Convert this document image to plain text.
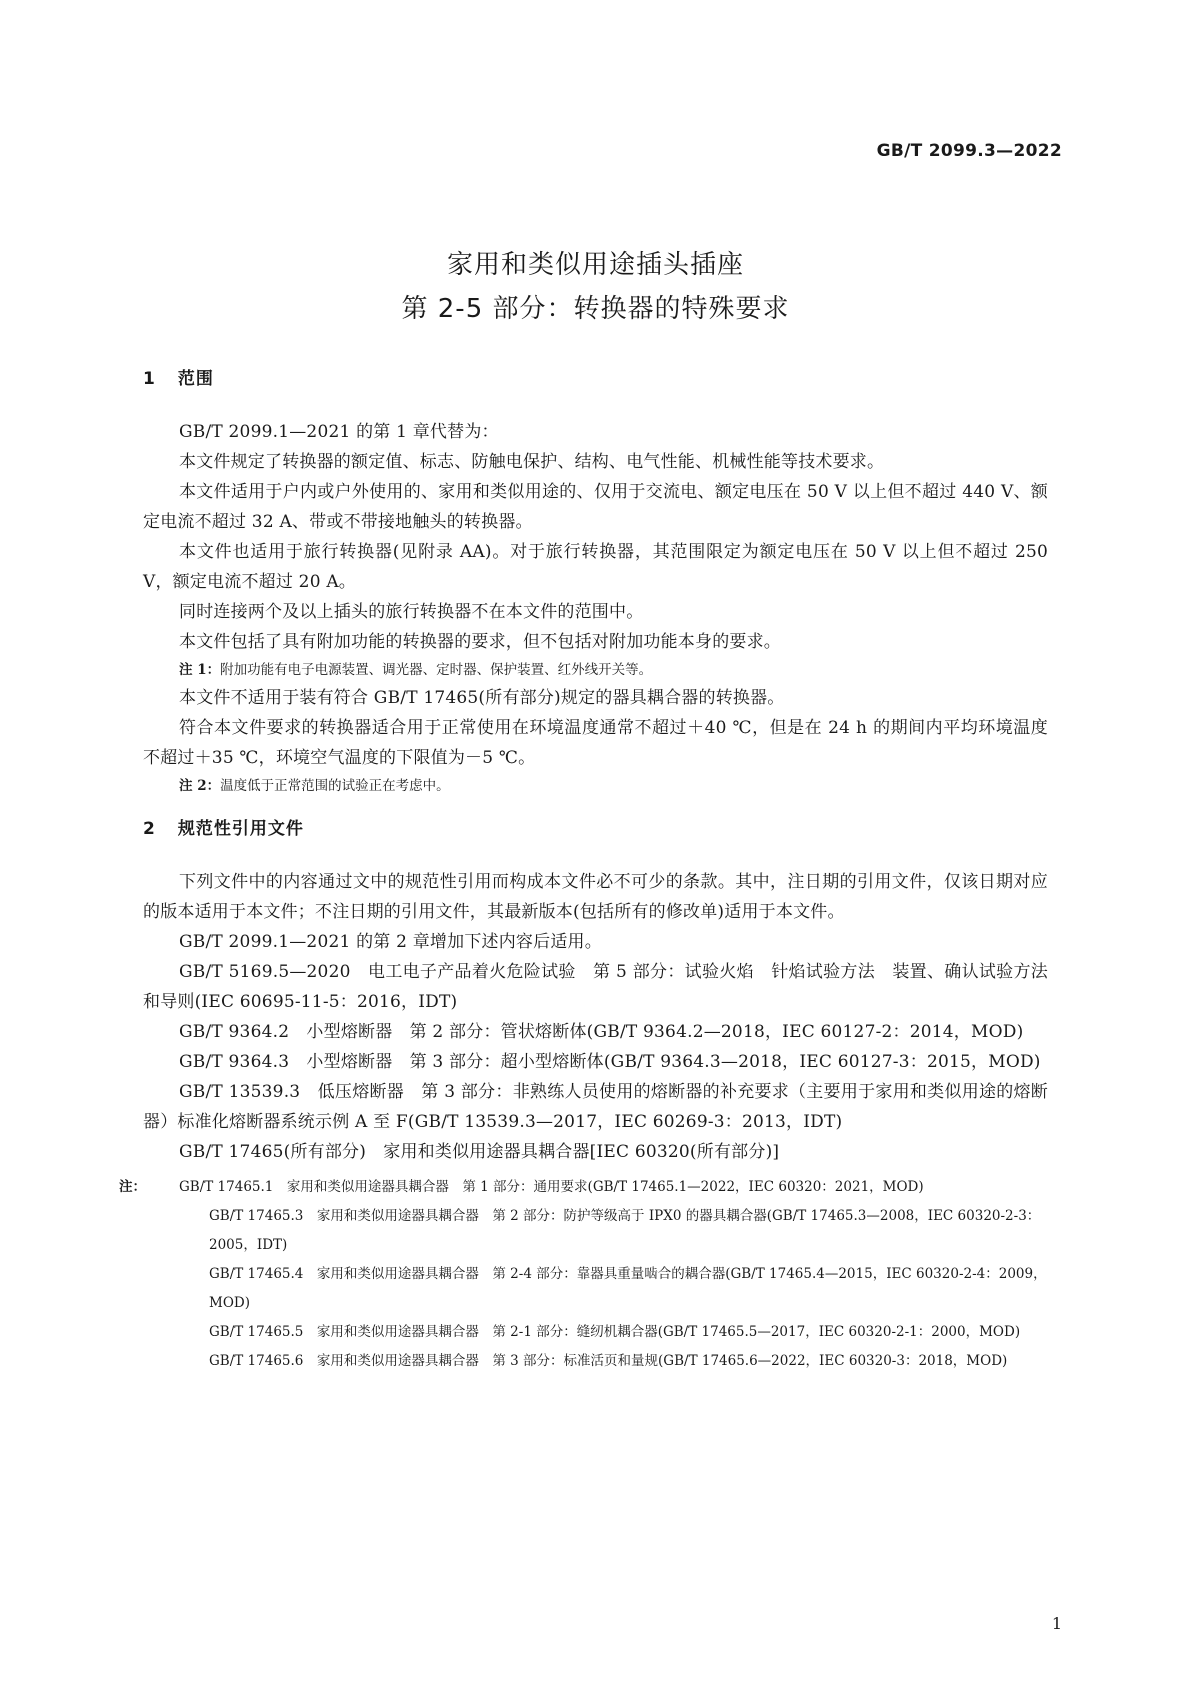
GB/T 2099.3—2022
家用和类似用途插头插座
第 2-5 部分：转换器的特殊要求
1 范围

GB/T 2099.1—2021 的第 1 章代替为：

本文件规定了转换器的额定值、标志、防触电保护、结构、电气性能、机械性能等技术要求。

本文件适用于户内或户外使用的、家用和类似用途的、仅用于交流电、额定电压在 50 V 以上但不超过 440 V、额定电流不超过 32 A、带或不带接地触头的转换器。

本文件也适用于旅行转换器(见附录 AA)。对于旅行转换器，其范围限定为额定电压在 50 V 以上但不超过 250 V，额定电流不超过 20 A。

同时连接两个及以上插头的旅行转换器不在本文件的范围中。

本文件包括了具有附加功能的转换器的要求，但不包括对附加功能本身的要求。

注 1：附加功能有电子电源装置、调光器、定时器、保护装置、红外线开关等。

本文件不适用于装有符合 GB/T 17465(所有部分)规定的器具耦合器的转换器。

符合本文件要求的转换器适合用于正常使用在环境温度通常不超过＋40 ℃，但是在 24 h 的期间内平均环境温度不超过＋35 ℃，环境空气温度的下限值为－5 ℃。

注 2：温度低于正常范围的试验正在考虑中。

2 规范性引用文件

下列文件中的内容通过文中的规范性引用而构成本文件必不可少的条款。其中，注日期的引用文件，仅该日期对应的版本适用于本文件；不注日期的引用文件，其最新版本(包括所有的修改单)适用于本文件。

GB/T 2099.1—2021 的第 2 章增加下述内容后适用。

GB/T 5169.5—2020　电工电子产品着火危险试验　第 5 部分：试验火焰　针焰试验方法　装置、确认试验方法和导则(IEC 60695-11-5：2016，IDT)

GB/T 9364.2　小型熔断器　第 2 部分：管状熔断体(GB/T 9364.2—2018，IEC 60127-2：2014，MOD)

GB/T 9364.3　小型熔断器　第 3 部分：超小型熔断体(GB/T 9364.3—2018，IEC 60127-3：2015，MOD)

GB/T 13539.3　低压熔断器　第 3 部分：非熟练人员使用的熔断器的补充要求（主要用于家用和类似用途的熔断器）标准化熔断器系统示例 A 至 F(GB/T 13539.3—2017，IEC 60269-3：2013，IDT)

GB/T 17465(所有部分)　家用和类似用途器具耦合器[IEC 60320(所有部分)]

注： GB/T 17465.1　家用和类似用途器具耦合器　第 1 部分：通用要求(GB/T 17465.1—2022，IEC 60320：2021，MOD)
GB/T 17465.3　家用和类似用途器具耦合器　第 2 部分：防护等级高于 IPX0 的器具耦合器(GB/T 17465.3—2008，IEC 60320-2-3：2005，IDT)
GB/T 17465.4　家用和类似用途器具耦合器　第 2-4 部分：靠器具重量啮合的耦合器(GB/T 17465.4—2015，IEC 60320-2-4：2009，MOD)
GB/T 17465.5　家用和类似用途器具耦合器　第 2-1 部分：缝纫机耦合器(GB/T 17465.5—2017，IEC 60320-2-1：2000，MOD)
GB/T 17465.6　家用和类似用途器具耦合器　第 3 部分：标准活页和量规(GB/T 17465.6—2022，IEC 60320-3：2018，MOD)
1
